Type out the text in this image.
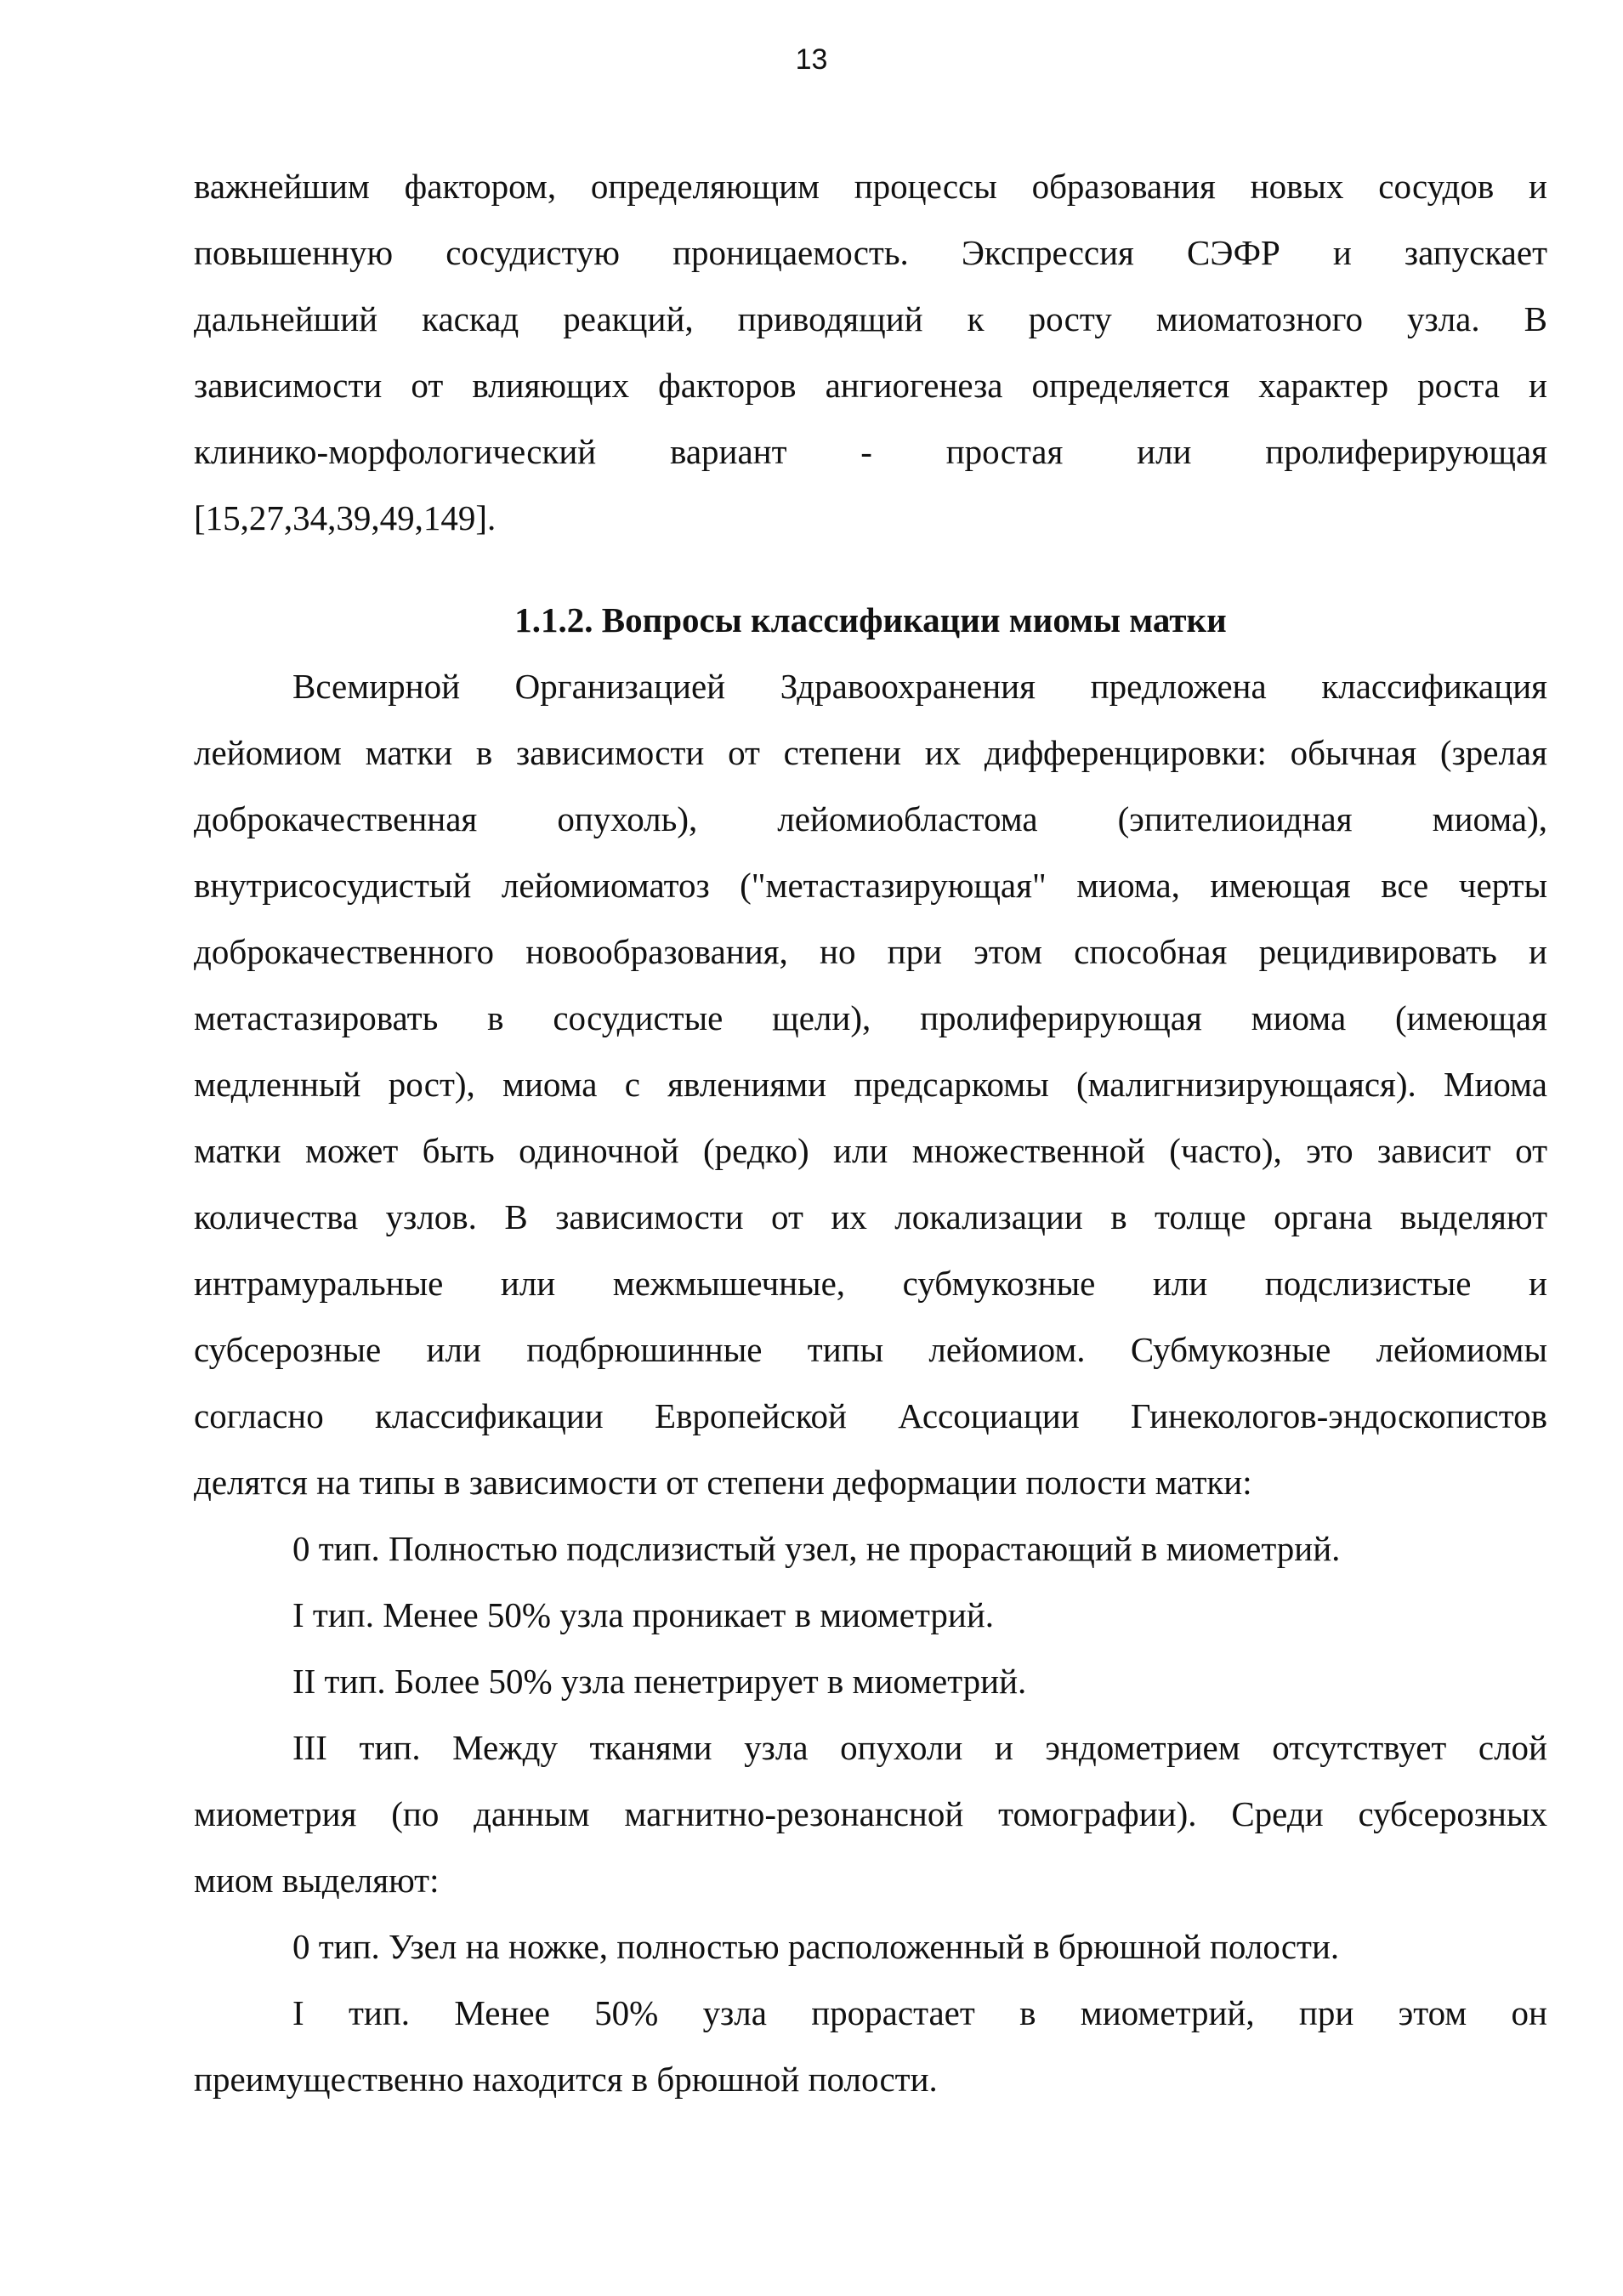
13
важнейшим фактором, определяющим процессы образования новых сосудов и
повышенную сосудистую проницаемость. Экспрессия СЭФР и запускает
дальнейший каскад реакций, приводящий к росту миоматозного узла. В
зависимости от влияющих факторов ангиогенеза определяется характер роста и
клинико-морфологический вариант - простая или пролиферирующая
[15,27,34,39,49,149].
1.1.2. Вопросы классификации миомы матки
Всемирной Организацией Здравоохранения предложена классификация
лейомиом матки в зависимости от степени их дифференцировки: обычная (зрелая
доброкачественная опухоль), лейомиобластома (эпителиоидная миома),
внутрисосудистый лейомиоматоз ("метастазирующая" миома, имеющая все черты
доброкачественного новообразования, но при этом способная рецидивировать и
метастазировать в сосудистые щели), пролиферирующая миома (имеющая
медленный рост), миома с явлениями предсаркомы (малигнизирующаяся). Миома
матки может быть одиночной (редко) или множественной (часто), это зависит от
количества узлов. В зависимости от их локализации в толще органа выделяют
интрамуральные или межмышечные, субмукозные или подслизистые и
субсерозные или подбрюшинные типы лейомиом. Субмукозные лейомиомы
согласно классификации Европейской Ассоциации Гинекологов-эндоскопистов
делятся на типы в зависимости от степени деформации полости матки:
0 тип. Полностью подслизистый узел, не прорастающий в миометрий.
I тип. Менее 50% узла проникает в миометрий.
II тип. Более 50% узла пенетрирует в миометрий.
III тип. Между тканями узла опухоли и эндометрием отсутствует слой
миометрия (по данным магнитно-резонансной томографии). Среди субсерозных
миом выделяют:
0 тип. Узел на ножке, полностью расположенный в брюшной полости.
I тип. Менее 50% узла прорастает в миометрий, при этом он
преимущественно находится в брюшной полости.
